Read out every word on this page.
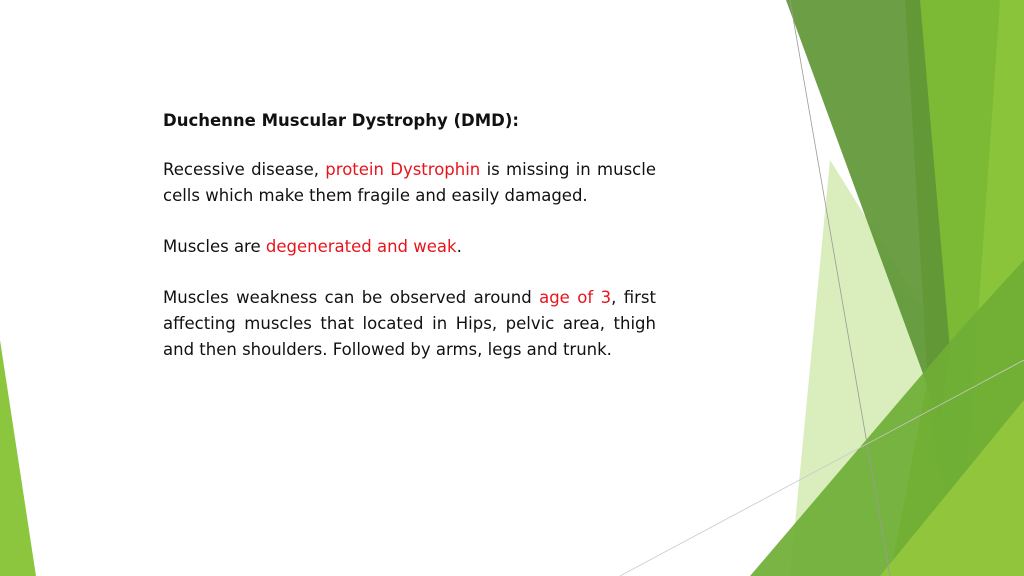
Duchenne Muscular Dystrophy (DMD):

Recessive disease, protein Dystrophin is missing in muscle cells which make them fragile and easily damaged.

Muscles are degenerated and weak.

Muscles weakness can be observed around age of 3, first affecting muscles that located in Hips, pelvic area, thigh and then shoulders. Followed by arms, legs and trunk.
